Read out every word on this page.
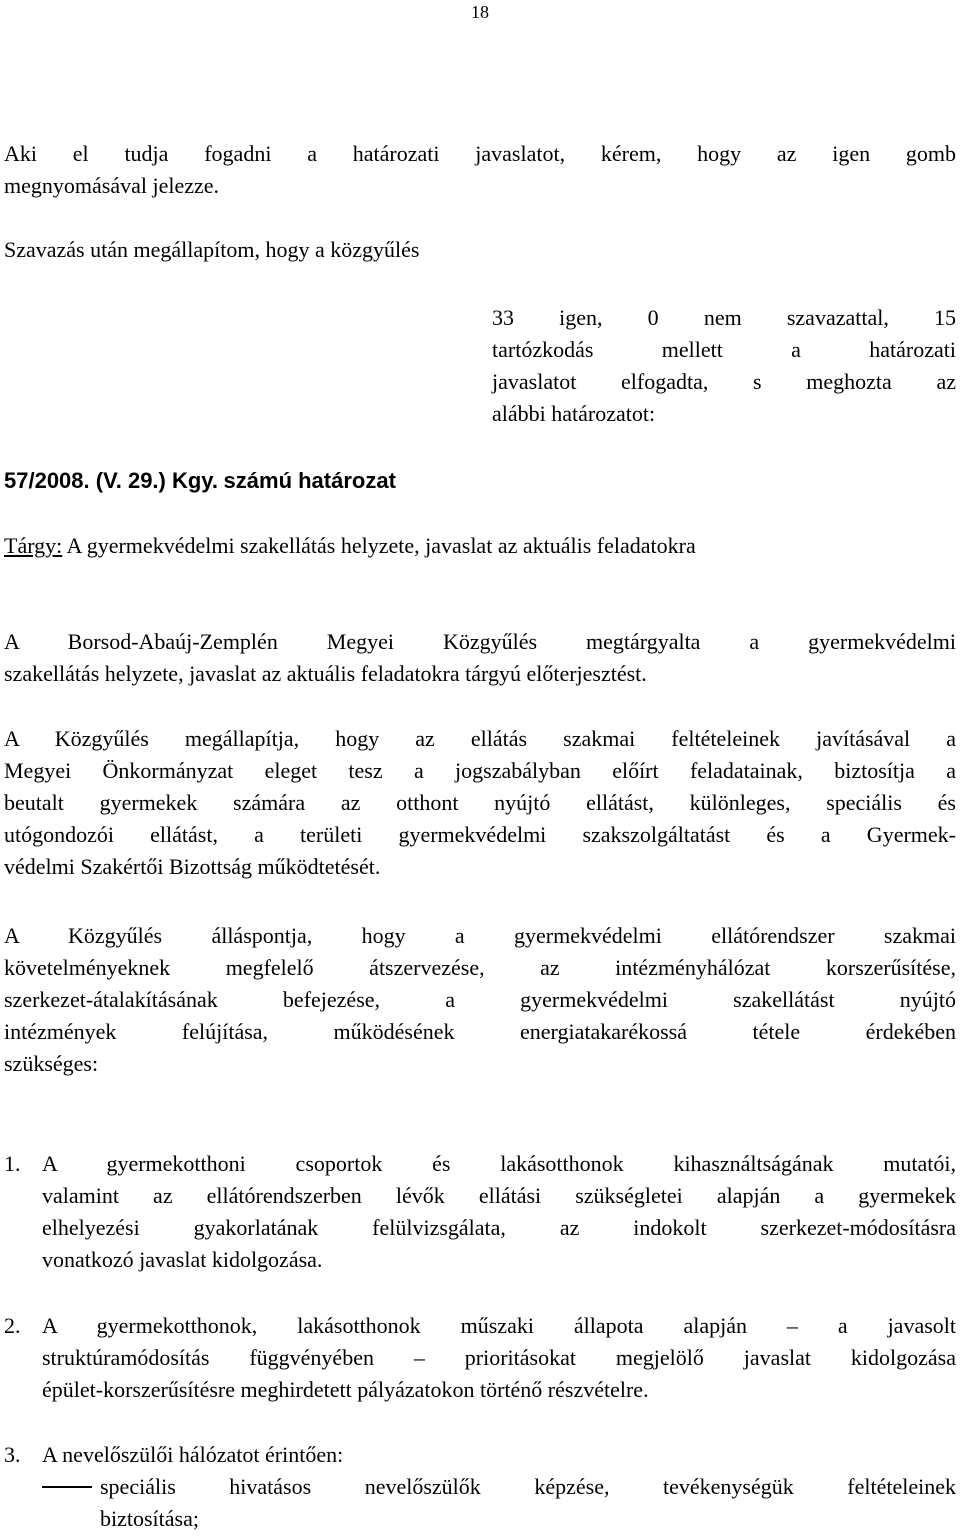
18
Aki el tudja fogadni a határozati javaslatot, kérem, hogy az igen gomb
megnyomásával jelezze.
Szavazás után megállapítom, hogy a közgyűlés
33 igen, 0 nem szavazattal, 15
tartózkodás mellett a határozati
javaslatot elfogadta, s meghozta az
alábbi határozatot:
57/2008. (V. 29.) Kgy. számú határozat
Tárgy: A gyermekvédelmi szakellátás helyzete, javaslat az aktuális feladatokra
A Borsod-Abaúj-Zemplén Megyei Közgyűlés megtárgyalta a gyermekvédelmi
szakellátás helyzete, javaslat az aktuális feladatokra tárgyú előterjesztést.
A Közgyűlés megállapítja, hogy az ellátás szakmai feltételeinek javításával a
Megyei Önkormányzat eleget tesz a jogszabályban előírt feladatainak, biztosítja a
beutalt gyermekek számára az otthont nyújtó ellátást, különleges, speciális és
utógondozói ellátást, a területi gyermekvédelmi szakszolgáltatást és a Gyermek-
védelmi Szakértői Bizottság működtetését.
A Közgyűlés álláspontja, hogy a gyermekvédelmi ellátórendszer szakmai
követelményeknek megfelelő átszervezése, az intézményhálózat korszerűsítése,
szerkezet-átalakításának befejezése, a gyermekvédelmi szakellátást nyújtó
intézmények felújítása, működésének energiatakarékossá tétele érdekében
szükséges:
1. A gyermekotthoni csoportok és lakásotthonok kihasználtságának mutatói,
valamint az ellátórendszerben lévők ellátási szükségletei alapján a gyermekek
elhelyezési gyakorlatának felülvizsgálata, az indokolt szerkezet-módosításra
vonatkozó javaslat kidolgozása.
2. A gyermekotthonok, lakásotthonok műszaki állapota alapján – a javasolt
struktúramódosítás függvényében – prioritásokat megjelölő javaslat kidolgozása
épület-korszerűsítésre meghirdetett pályázatokon történő részvételre.
3. A nevelőszülői hálózatot érintően:
speciális hivatásos nevelőszülők képzése, tevékenységük feltételeinek
biztosítása;
